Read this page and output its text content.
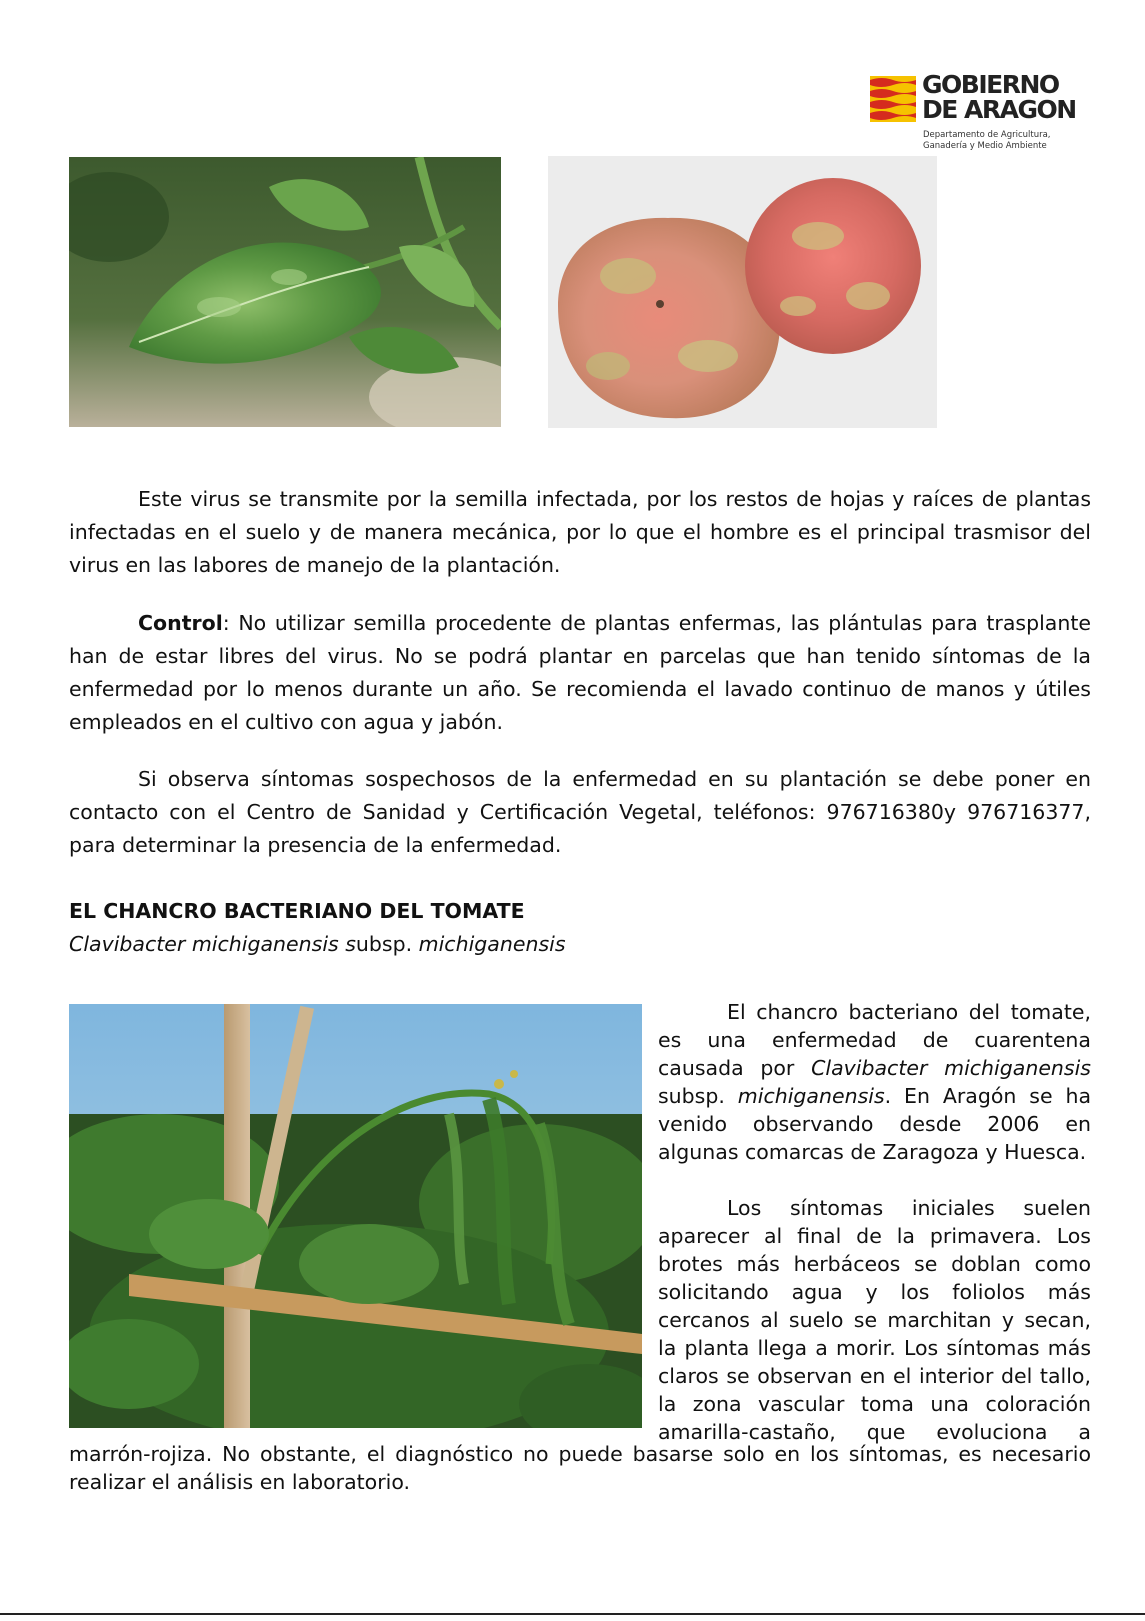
GOBIERNO
DE ARAGON
Departamento de Agricultura,
Ganadería y Medio Ambiente

Este virus se transmite por la semilla infectada, por los restos de hojas y raíces de plantas infectadas en el suelo y de manera mecánica, por lo que el hombre es el principal trasmisor del virus en las labores de manejo de la plantación.

Control: No utilizar semilla procedente de plantas enfermas, las plántulas para trasplante han de estar libres del virus. No se podrá plantar en parcelas que han tenido síntomas de la enfermedad por lo menos durante un año. Se recomienda el lavado continuo de manos y útiles empleados en el cultivo con agua y jabón.

Si observa síntomas sospechosos de la enfermedad en su plantación se debe poner en contacto con el Centro de Sanidad y Certificación Vegetal, teléfonos: 976716380y 976716377, para determinar la presencia de la enfermedad.

EL CHANCRO BACTERIANO DEL TOMATE

Clavibacter michiganensis subsp. michiganensis

El chancro bacteriano del tomate, es una enfermedad de cuarentena causada por Clavibacter michiganensis subsp. michiganensis. En Aragón se ha venido observando desde 2006 en algunas comarcas de Zaragoza y Huesca.

Los síntomas iniciales suelen aparecer al final de la primavera. Los brotes más herbáceos se doblan como solicitando agua y los foliolos más cercanos al suelo se marchitan y secan, la planta llega a morir. Los síntomas más claros se observan en el interior del tallo, la zona vascular toma una coloración amarilla-castaño, que evoluciona a

marrón-rojiza. No obstante, el diagnóstico no puede basarse solo en los síntomas, es necesario realizar el análisis en laboratorio.
